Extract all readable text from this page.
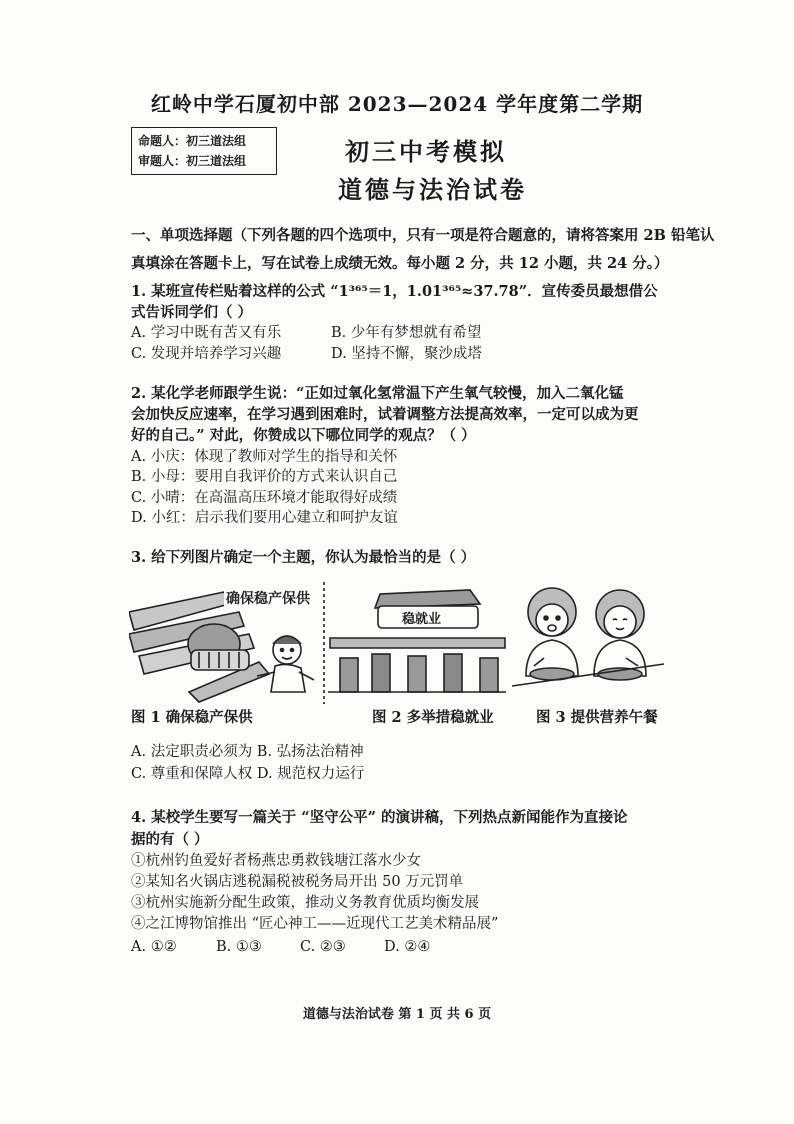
红岭中学石厦初中部 2023—2024 学年度第二学期
命题人：初三道法组
审题人：初三道法组	初三中考模拟
道德与法治试卷
一、单项选择题（下列各题的四个选项中，只有一项是符合题意的，请将答案用 2B 铅笔认
真填涂在答题卡上，写在试卷上成绩无效。每小题 2 分，共 12 小题，共 24 分。）
1. 某班宣传栏贴着这样的公式 “1³⁶⁵＝1，1.01³⁶⁵≈37.78”．宣传委员最想借公
式告诉同学们（ ）
A. 学习中既有苦又有乐	B. 少年有梦想就有希望
C. 发现并培养学习兴趣	D. 坚持不懈，聚沙成塔
2. 某化学老师跟学生说：“正如过氧化氢常温下产生氧气较慢，加入二氧化锰
会加快反应速率，在学习遇到困难时，试着调整方法提高效率，一定可以成为更
好的自己。” 对此，你赞成以下哪位同学的观点？（ ）
A. 小庆：体现了教师对学生的指导和关怀
B. 小母：要用自我评价的方式来认识自己
C. 小晴：在高温高压环境才能取得好成绩
D. 小红：启示我们要用心建立和呵护友谊
3. 给下列图片确定一个主题，你认为最恰当的是（ ）
确保稳产保供
稳就业
图 1 确保稳产保供	图 2 多举措稳就业	图 3 提供营养午餐
A. 法定职责必须为 B. 弘扬法治精神
C. 尊重和保障人权 D. 规范权力运行
4. 某校学生要写一篇关于 “坚守公平” 的演讲稿，下列热点新闻能作为直接论
据的有（ ）
①杭州钓鱼爱好者杨燕忠勇救钱塘江落水少女
②某知名火锅店逃税漏税被税务局开出 50 万元罚单
③杭州实施新分配生政策，推动义务教育优质均衡发展
④之江博物馆推出 “匠心神工——近现代工艺美术精品展”
A. ①②	B. ①③	C. ②③	D. ②④
道德与法治试卷 第 1 页 共 6 页
